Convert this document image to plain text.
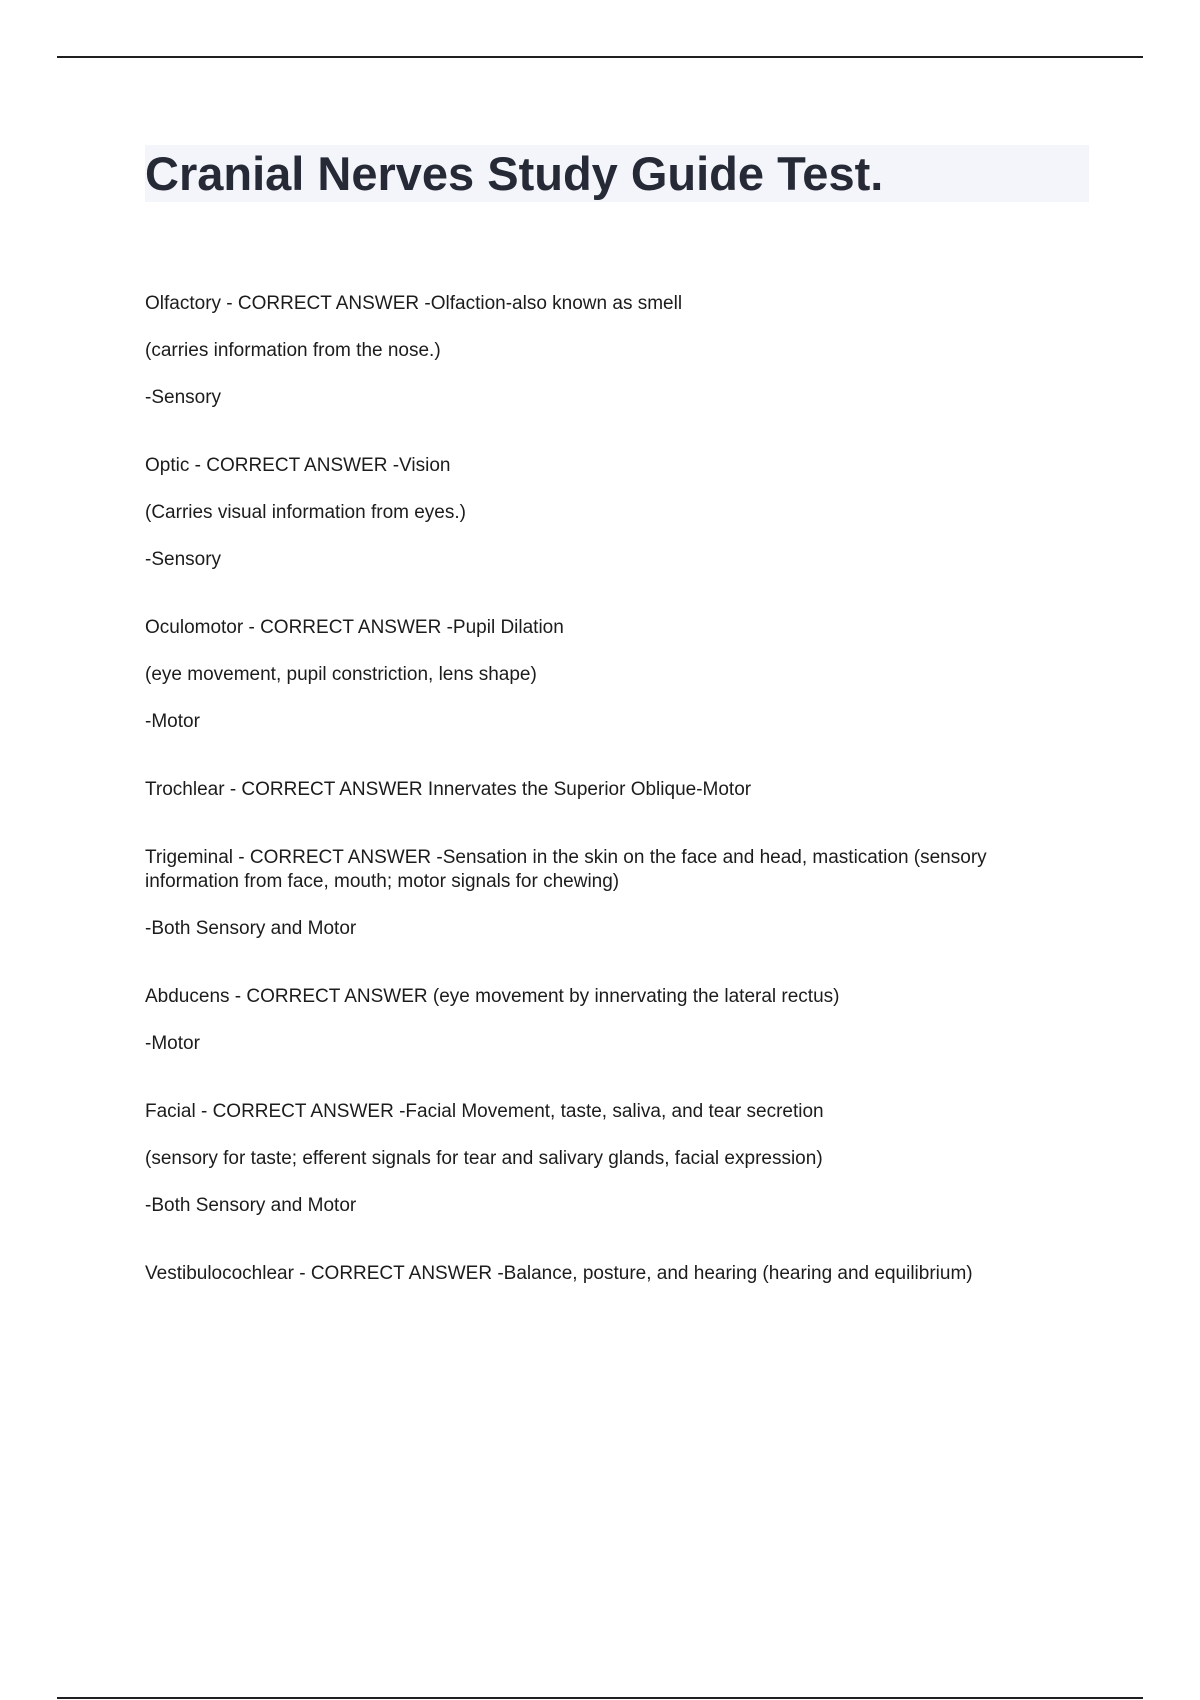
Cranial Nerves Study Guide Test.

Olfactory - CORRECT ANSWER -Olfaction-also known as smell

(carries information from the nose.)

-Sensory

Optic - CORRECT ANSWER -Vision

(Carries visual information from eyes.)

-Sensory

Oculomotor - CORRECT ANSWER -Pupil Dilation

(eye movement, pupil constriction, lens shape)

-Motor

Trochlear - CORRECT ANSWER Innervates the Superior Oblique-Motor

Trigeminal - CORRECT ANSWER -Sensation in the skin on the face and head, mastication (sensory information from face, mouth; motor signals for chewing)

-Both Sensory and Motor

Abducens - CORRECT ANSWER (eye movement by innervating the lateral rectus)

-Motor

Facial - CORRECT ANSWER -Facial Movement, taste, saliva, and tear secretion

(sensory for taste; efferent signals for tear and salivary glands, facial expression)

-Both Sensory and Motor

Vestibulocochlear - CORRECT ANSWER -Balance, posture, and hearing (hearing and equilibrium)
